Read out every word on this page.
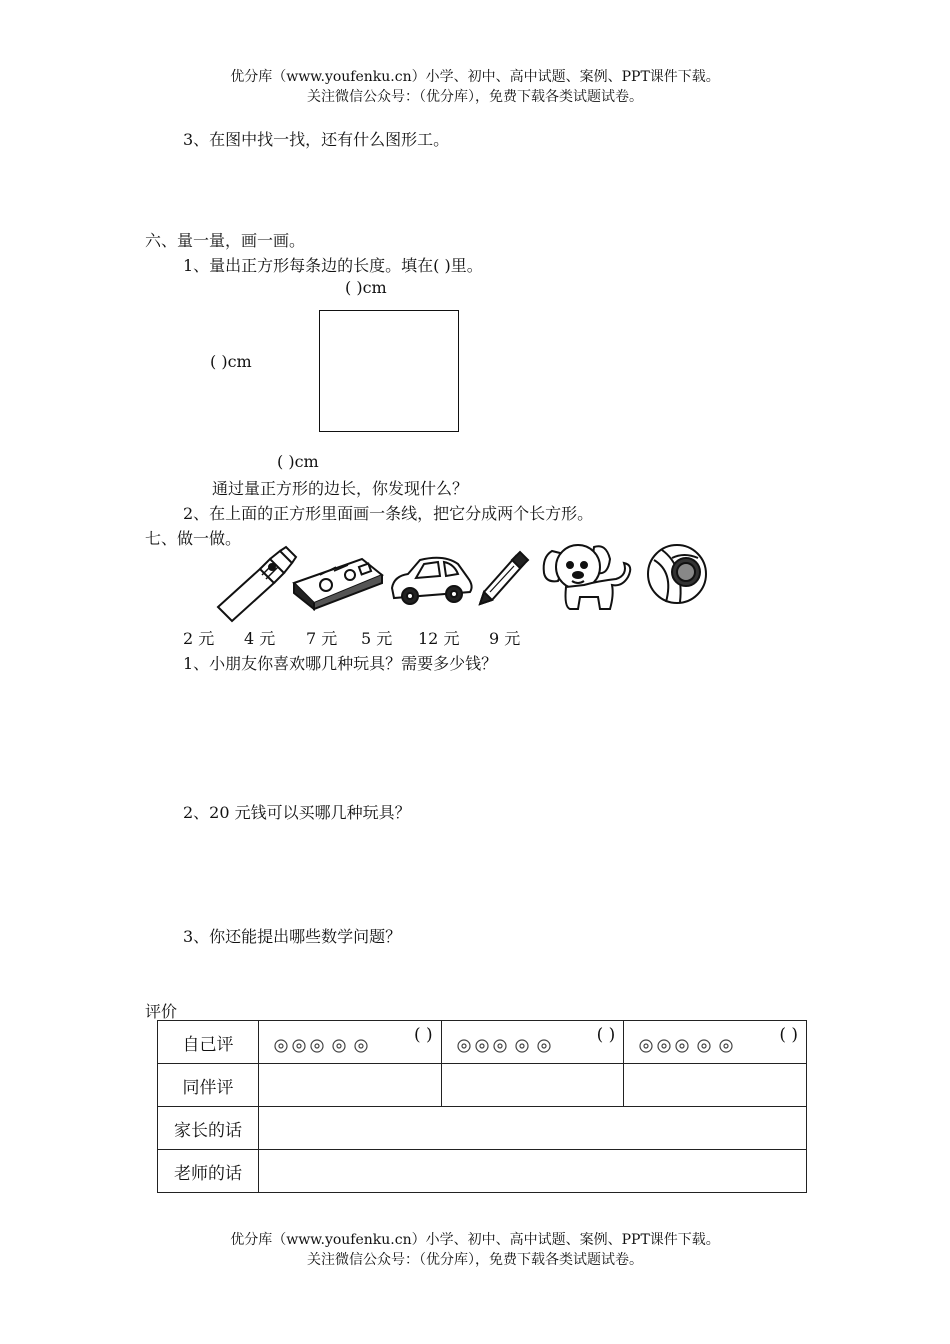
优分库（www.youfenku.cn）小学、初中、高中试题、案例、PPT课件下载。
关注微信公众号：（优分库），免费下载各类试题试卷。
3、在图中找一找，还有什么图形工。
六、量一量，画一画。
1、量出正方形每条边的长度。填在( )里。
( )cm
( )cm
( )cm
通过量正方形的边长，你发现什么？
2、在上面的正方形里面画一条线，把它分成两个长方形。
七、做一做。
2 元 4 元 7 元 5 元 12 元 9 元
1、小朋友你喜欢哪几种玩具？需要多少钱？
2、20 元钱可以买哪几种玩具？
3、你还能提出哪些数学问题？
评价
自己评	( )	( )	( )

同伴评			
家长的话			
老师的话			
优分库（www.youfenku.cn）小学、初中、高中试题、案例、PPT课件下载。
关注微信公众号：（优分库），免费下载各类试题试卷。
